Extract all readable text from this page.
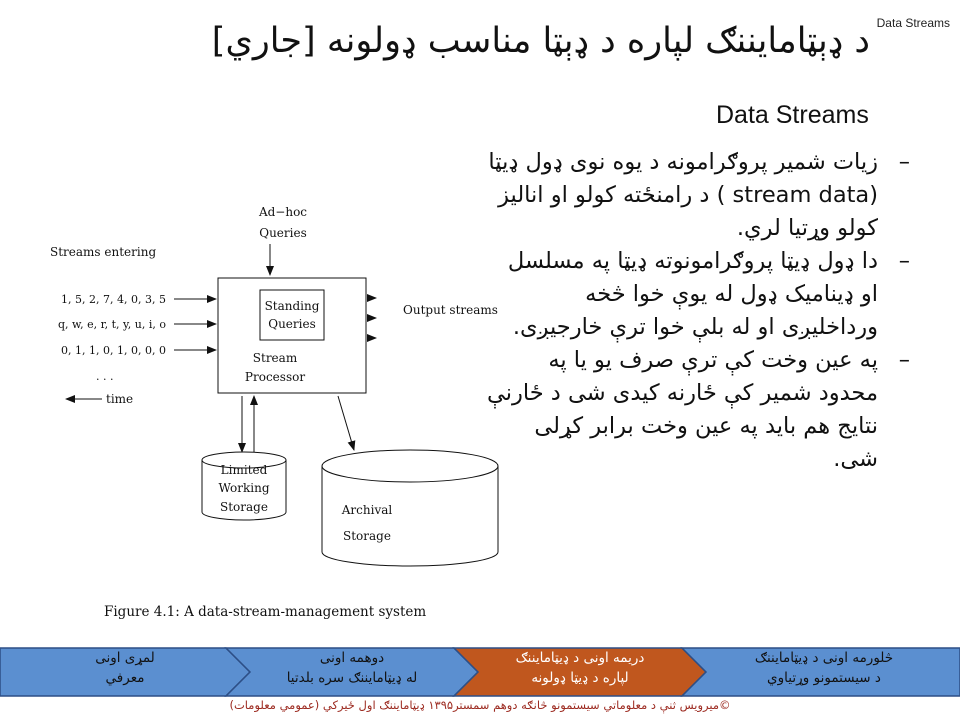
Data Streams
د ډېټامايننګ لپاره د ډېټا مناسب ډولونه [جاري]
Data Streams
–
زيات شمير پروګرامونه د يوه نوی ډول ډيټا (stream data ) د رامنځته کولو او انالیز کولو وړتیا لري.
–
دا ډول ډيټا پروګرامونوته ډيټا په مسلسل او ډيناميک ډول له يوې خوا څخه ورداخليږی او له بلې خوا ترې خارجيږی.
–
په عین وخت کې ترې صرف يو يا په محدود شمير کې ځارنه کيدی شی د ځارنې نتايج هم بايد په عين وخت برابر کړلی شی.
Streams entering
1, 5, 2, 7, 4, 0, 3, 5
q, w, e, r, t, y, u, i, o
0, 1, 1, 0, 1, 0, 0, 0
. . .
time
Ad−hoc
Queries
Standing
Queries
Stream
Processor
Output streams
Limited
Working
Storage	Archival
Storage
Figure 4.1: A data-stream-management system
لمړی اونی
معرفي
دوهمه اونی
له ډیټامایننګ سره بلدتيا
دريمه اونی د ډیټامايننګ
لپاره د ډيټا ډولونه
څلورمه اونی د ډیټامايننګ
د سيستمونو وړتياوي
©ميرويس ثنې د معلوماتي سيستمونو څانګه دوهم سمستر۱۳۹۵ ډيټامايننګ اول ځيرکي (عمومي معلومات)
